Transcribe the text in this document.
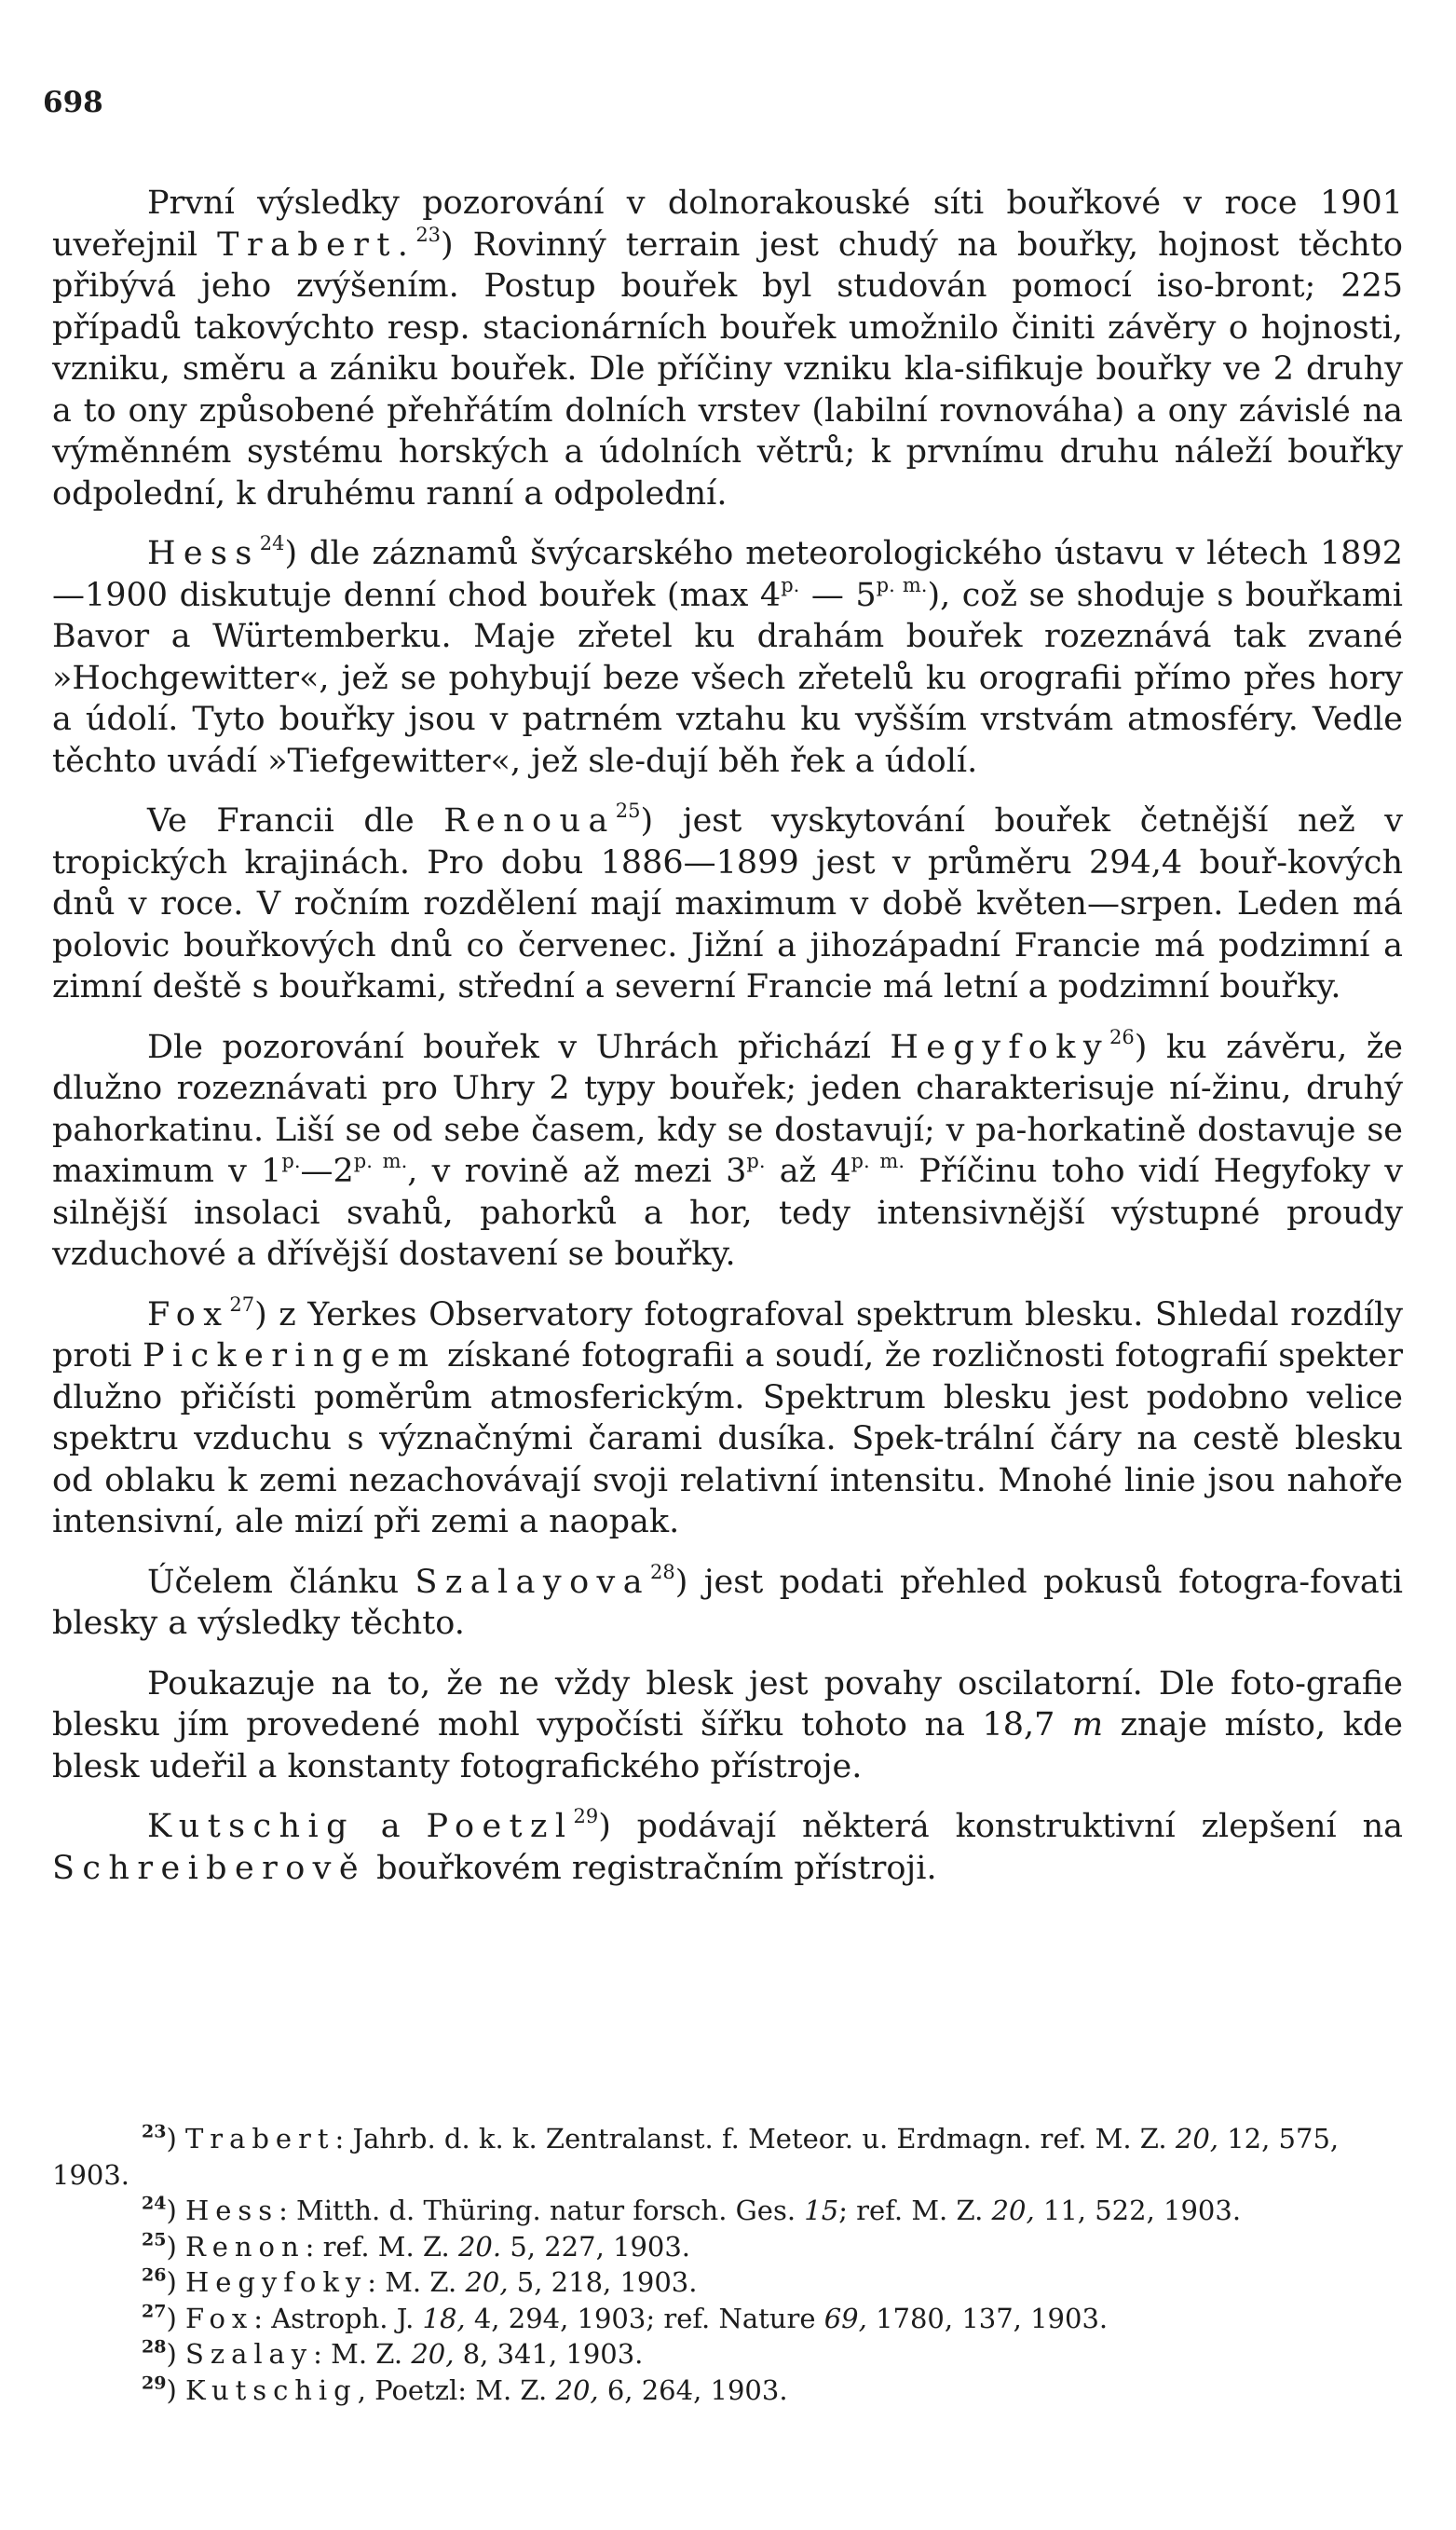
698

První výsledky pozorování v dolnorakouské síti bouřkové v roce 1901 uveřejnil Trabert.$^{23}$) Rovinný terrain jest chudý na bouřky, hojnost těchto přibývá jeho zvýšením. Postup bouřek byl studován pomocí iso-bront; 225 případů takovýchto resp. stacionárních bouřek umožnilo činiti závěry o hojnosti, vzniku, směru a zániku bouřek. Dle příčiny vzniku kla-sifikuje bouřky ve 2 druhy a to ony způsobené přehřátím dolních vrstev (labilní rovnováha) a ony závislé na výměnném systému horských a údolních větrů; k prvnímu druhu náleží bouřky odpolední, k druhému ranní a odpolední.

Hess$^{24}$) dle záznamů švýcarského meteorologického ústavu v létech 1892—1900 diskutuje denní chod bouřek (max $4^{p.}$ — $5^{p. m.}$), což se shoduje s bouřkami Bavor a Würtemberku. Maje zřetel ku drahám bouřek rozeznává tak zvané »Hochgewitter«, jež se pohybují beze všech zřetelů ku orografii přímo přes hory a údolí. Tyto bouřky jsou v patrném vztahu ku vyšším vrstvám atmosféry. Vedle těchto uvádí »Tiefgewitter«, jež sle-dují běh řek a údolí.

Ve Francii dle Renoua$^{25}$) jest vyskytování bouřek četnější než v tropických krajinách. Pro dobu 1886—1899 jest v průměru 294,4 bouř-kových dnů v roce. V ročním rozdělení mají maximum v době květen—srpen. Leden má polovic bouřkových dnů co červenec. Jižní a jihozápadní Francie má podzimní a zimní deště s bouřkami, střední a severní Francie má letní a podzimní bouřky.

Dle pozorování bouřek v Uhrách přichází Hegyfoky$^{26}$) ku závěru, že dlužno rozeznávati pro Uhry 2 typy bouřek; jeden charakterisuje ní-žinu, druhý pahorkatinu. Liší se od sebe časem, kdy se dostavují; v pa-horkatině dostavuje se maximum v $1^{p.}—2^{p. m.}$, v rovině až mezi $3^{p.}$ až $4^{p. m.}$ Příčinu toho vidí Hegyfoky v silnější insolaci svahů, pahorků a hor, tedy intensivnější výstupné proudy vzduchové a dřívější dostavení se bouřky.

Fox$^{27}$) z Yerkes Observatory fotografoval spektrum blesku. Shledal rozdíly proti Pickeringem získané fotografii a soudí, že rozličnosti fotografií spekter dlužno přičísti poměrům atmosferickým. Spektrum blesku jest podobno velice spektru vzduchu s význačnými čarami dusíka. Spek-trální čáry na cestě blesku od oblaku k zemi nezachovávají svoji relativní intensitu. Mnohé linie jsou nahoře intensivní, ale mizí při zemi a naopak.

Účelem článku Szalayova$^{28}$) jest podati přehled pokusů fotogra-fovati blesky a výsledky těchto.

Poukazuje na to, že ne vždy blesk jest povahy oscilatorní. Dle foto-grafie blesku jím provedené mohl vypočísti šířku tohoto na 18,7 m znaje místo, kde blesk udeřil a konstanty fotografického přístroje.

Kutschig a Poetzl$^{29}$) podávají některá konstruktivní zlepšení na Schreiberově bouřkovém registračním přístroji.

$^{23}$) Trabert: Jahrb. d. k. k. Zentralanst. f. Meteor. u. Erdmagn. ref. M. Z. 20, 12, 575, 1903.

$^{24}$) Hess: Mitth. d. Thüring. natur forsch. Ges. 15; ref. M. Z. 20, 11, 522, 1903.

$^{25}$) Renon: ref. M. Z. 20. 5, 227, 1903.

$^{26}$) Hegyfoky: M. Z. 20, 5, 218, 1903.

$^{27}$) Fox: Astroph. J. 18, 4, 294, 1903; ref. Nature 69, 1780, 137, 1903.

$^{28}$) Szalay: M. Z. 20, 8, 341, 1903.

$^{29}$) Kutschig, Poetzl: M. Z. 20, 6, 264, 1903.
